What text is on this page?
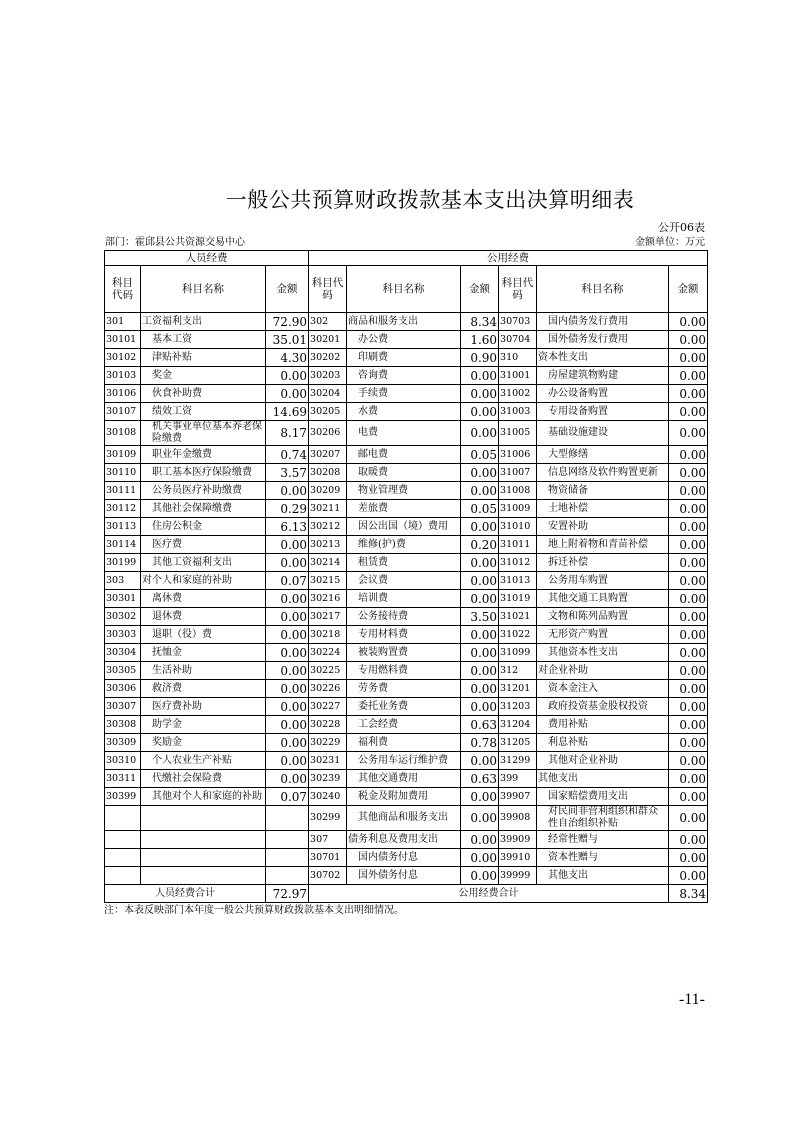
一般公共预算财政拨款基本支出决算明细表
公开06表
部门：霍邱县公共资源交易中心	金额单位：万元
人员经费			公用经费					
科目代码	科目名称	金额	科目代码	科目名称	金额	科目代码	科目名称	金额
301	工资福利支出	72.90	302	商品和服务支出	8.34	30703	国内债务发行费用	0.00
30101	基本工资	35.01	30201	办公费	1.60	30704	国外债务发行费用	0.00
30102	津贴补贴	4.30	30202	印刷费	0.90	310	资本性支出	0.00
30103	奖金	0.00	30203	咨询费	0.00	31001	房屋建筑物购建	0.00
30106	伙食补助费	0.00	30204	手续费	0.00	31002	办公设备购置	0.00
30107	绩效工资	14.69	30205	水费	0.00	31003	专用设备购置	0.00
30108	机关事业单位基本养老保险缴费	8.17	30206	电费	0.00	31005	基础设施建设	0.00
30109	职业年金缴费	0.74	30207	邮电费	0.05	31006	大型修缮	0.00
30110	职工基本医疗保险缴费	3.57	30208	取暖费	0.00	31007	信息网络及软件购置更新	0.00
30111	公务员医疗补助缴费	0.00	30209	物业管理费	0.00	31008	物资储备	0.00
30112	其他社会保障缴费	0.29	30211	差旅费	0.05	31009	土地补偿	0.00
30113	住房公积金	6.13	30212	因公出国（境）费用	0.00	31010	安置补助	0.00
30114	医疗费	0.00	30213	维修(护)费	0.20	31011	地上附着物和青苗补偿	0.00
30199	其他工资福利支出	0.00	30214	租赁费	0.00	31012	拆迁补偿	0.00
303	对个人和家庭的补助	0.07	30215	会议费	0.00	31013	公务用车购置	0.00
30301	离休费	0.00	30216	培训费	0.00	31019	其他交通工具购置	0.00
30302	退休费	0.00	30217	公务接待费	3.50	31021	文物和陈列品购置	0.00
30303	退职（役）费	0.00	30218	专用材料费	0.00	31022	无形资产购置	0.00
30304	抚恤金	0.00	30224	被装购置费	0.00	31099	其他资本性支出	0.00
30305	生活补助	0.00	30225	专用燃料费	0.00	312	对企业补助	0.00
30306	救济费	0.00	30226	劳务费	0.00	31201	资本金注入	0.00
30307	医疗费补助	0.00	30227	委托业务费	0.00	31203	政府投资基金股权投资	0.00
30308	助学金	0.00	30228	工会经费	0.63	31204	费用补贴	0.00
30309	奖励金	0.00	30229	福利费	0.78	31205	利息补贴	0.00
30310	个人农业生产补贴	0.00	30231	公务用车运行维护费	0.00	31299	其他对企业补助	0.00
30311	代缴社会保险费	0.00	30239	其他交通费用	0.63	399	其他支出	0.00
30399	其他对个人和家庭的补助	0.07	30240	税金及附加费用	0.00	39907	国家赔偿费用支出	0.00
			30299	其他商品和服务支出	0.00	39908	对民间非营利组织和群众性自治组织补贴	0.00
			307	债务利息及费用支出	0.00	39909	经常性赠与	0.00
			30701	国内债务付息	0.00	39910	资本性赠与	0.00
			30702	国外债务付息	0.00	39999	其他支出	0.00
人员经费合计		72.97	公用经费合计					8.34
注：本表反映部门本年度一般公共预算财政拨款基本支出明细情况。
-11-
